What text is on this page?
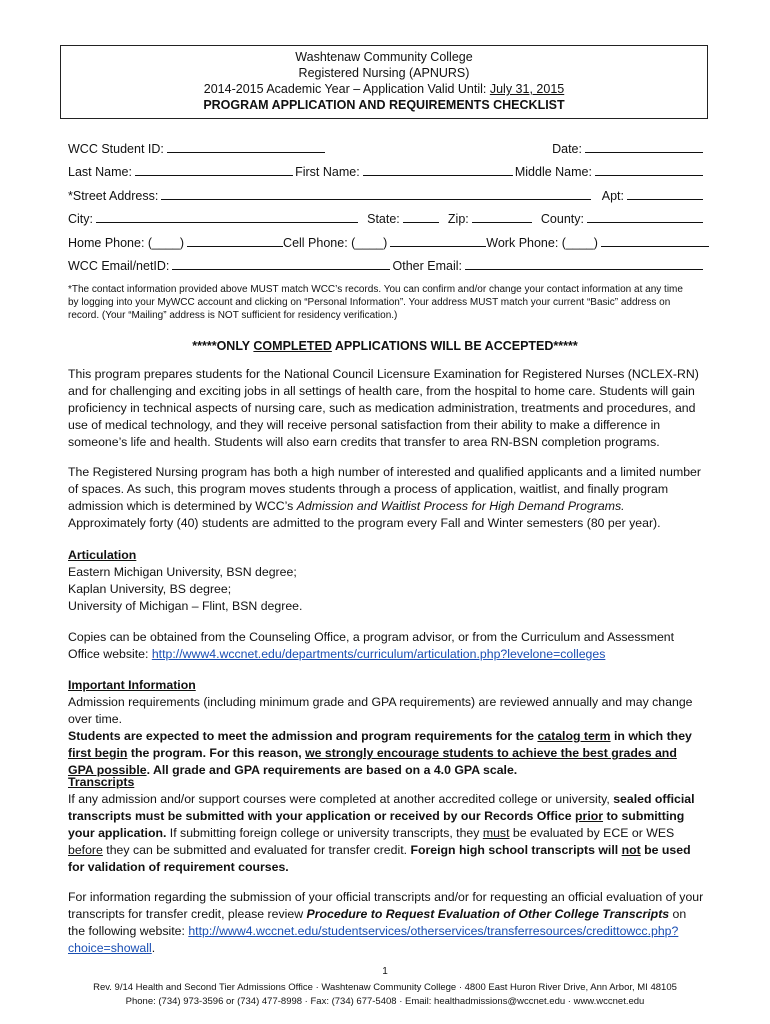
Washtenaw Community College
Registered Nursing (APNURS)
2014-2015 Academic Year – Application Valid Until: July 31, 2015
PROGRAM APPLICATION AND REQUIREMENTS CHECKLIST
WCC Student ID:	Date:
Last Name:	First Name:	Middle Name:
*Street Address:	Apt:
City:	State:	Zip:	County:
Home Phone: (____)	Cell Phone: (____)	Work Phone: (____)
WCC Email/netID:	Other Email:
*The contact information provided above MUST match WCC’s records. You can confirm and/or change your contact information at any time by logging into your MyWCC account and clicking on “Personal Information”. Your address MUST match your current “Basic” address on record. (Your “Mailing” address is NOT sufficient for residency verification.)
*****ONLY COMPLETED APPLICATIONS WILL BE ACCEPTED*****
This program prepares students for the National Council Licensure Examination for Registered Nurses (NCLEX-RN) and for challenging and exciting jobs in all settings of health care, from the hospital to home care. Students will gain proficiency in technical aspects of nursing care, such as medication administration, treatments and procedures, and use of medical technology, and they will receive personal satisfaction from their ability to make a difference in someone’s life and health. Students will also earn credits that transfer to area RN-BSN completion programs.
The Registered Nursing program has both a high number of interested and qualified applicants and a limited number of spaces. As such, this program moves students through a process of application, waitlist, and finally program admission which is determined by WCC’s Admission and Waitlist Process for High Demand Programs. Approximately forty (40) students are admitted to the program every Fall and Winter semesters (80 per year).
Articulation
Eastern Michigan University, BSN degree;
Kaplan University, BS degree;
University of Michigan – Flint, BSN degree.
Copies can be obtained from the Counseling Office, a program advisor, or from the Curriculum and Assessment Office website: http://www4.wccnet.edu/departments/curriculum/articulation.php?levelone=colleges
Important Information
Admission requirements (including minimum grade and GPA requirements) are reviewed annually and may change over time.
Students are expected to meet the admission and program requirements for the catalog term in which they first begin the program. For this reason, we strongly encourage students to achieve the best grades and GPA possible. All grade and GPA requirements are based on a 4.0 GPA scale.
Transcripts
If any admission and/or support courses were completed at another accredited college or university, sealed official transcripts must be submitted with your application or received by our Records Office prior to submitting your application. If submitting foreign college or university transcripts, they must be evaluated by ECE or WES before they can be submitted and evaluated for transfer credit. Foreign high school transcripts will not be used for validation of requirement courses.
For information regarding the submission of your official transcripts and/or for requesting an official evaluation of your transcripts for transfer credit, please review Procedure to Request Evaluation of Other College Transcripts on the following website: http://www4.wccnet.edu/studentservices/otherservices/transferresources/credittowcc.php?choice=showall.
1
Rev. 9/14 Health and Second Tier Admissions Office · Washtenaw Community College · 4800 East Huron River Drive, Ann Arbor, MI 48105
Phone: (734) 973-3596 or (734) 477-8998 · Fax: (734) 677-5408 · Email: healthadmissions@wccnet.edu · www.wccnet.edu
